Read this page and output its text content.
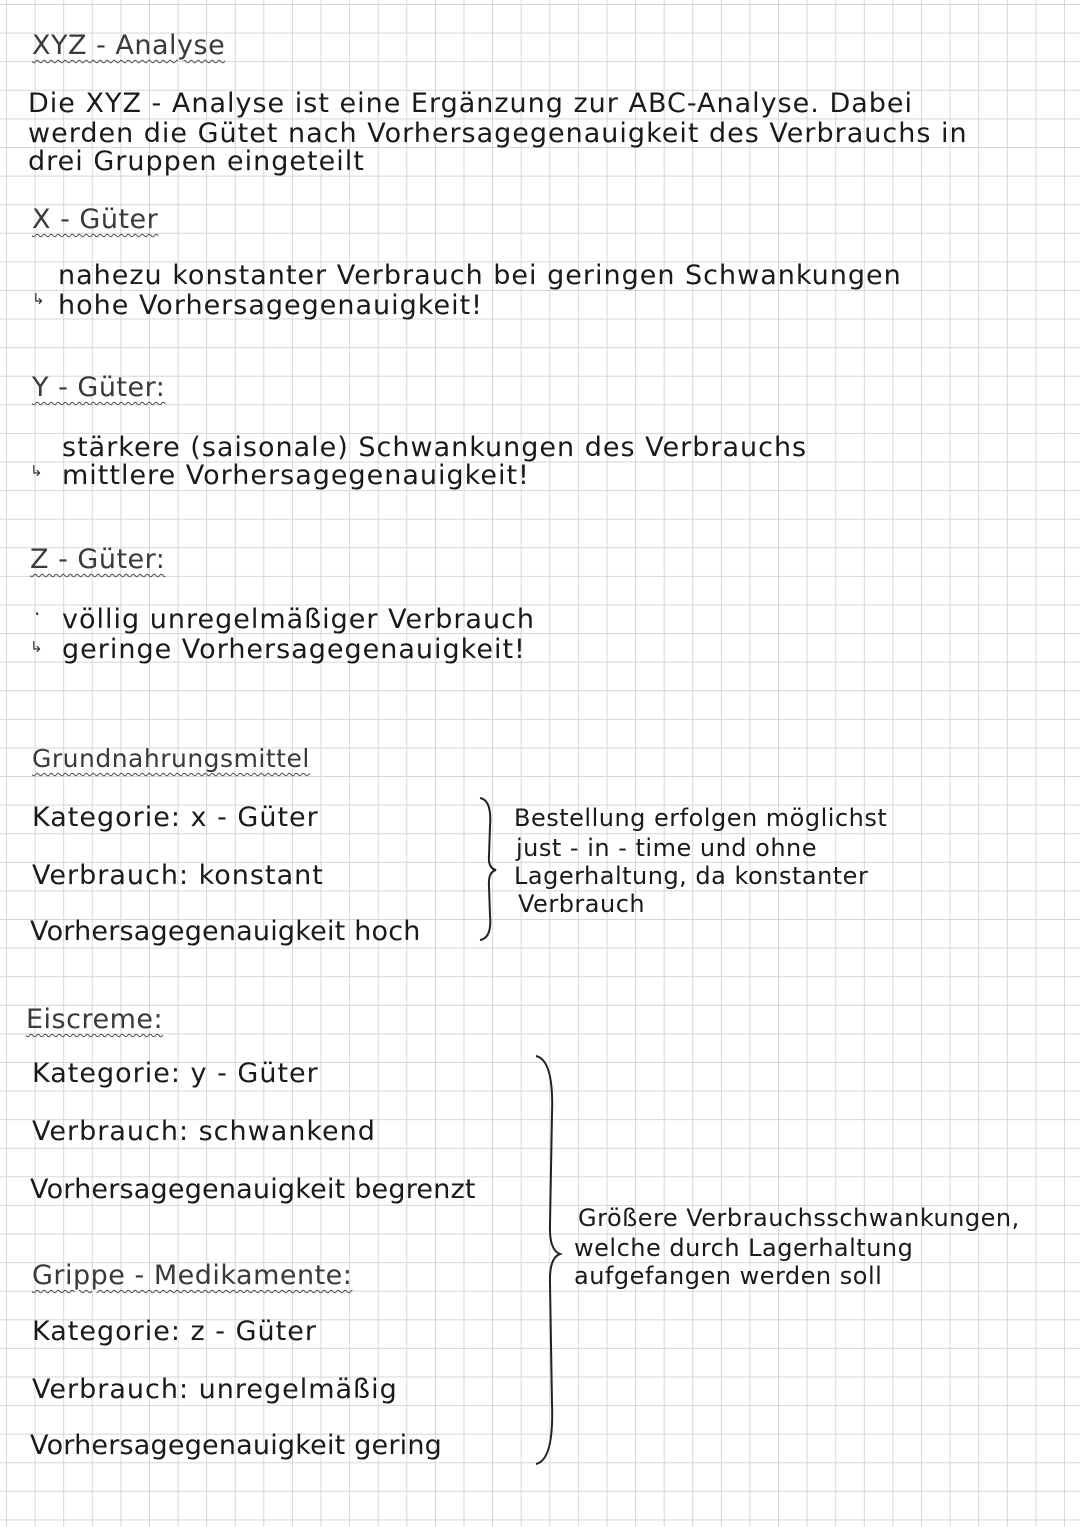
XYZ - Analyse
Die XYZ - Analyse ist eine Ergänzung zur ABC-Analyse. Dabei
werden die Gütet nach Vorhersagegenauigkeit des Verbrauchs in
drei Gruppen eingeteilt
X - Güter
nahezu konstanter Verbrauch bei geringen Schwankungen
↳ hohe Vorhersagegenauigkeit!
Y - Güter:
stärkere (saisonale) Schwankungen des Verbrauchs
↳ mittlere Vorhersagegenauigkeit!
Z - Güter:
· völlig unregelmäßiger Verbrauch
↳ geringe Vorhersagegenauigkeit!
Grundnahrungsmittel
Kategorie: x - Güter
Verbrauch: konstant
Vorhersagegenauigkeit hoch
Bestellung erfolgen möglichst
just - in - time und ohne
Lagerhaltung, da konstanter
Verbrauch
Eiscreme:
Kategorie: y - Güter
Verbrauch: schwankend
Vorhersagegenauigkeit begrenzt
Grippe - Medikamente:
Kategorie: z - Güter
Verbrauch: unregelmäßig
Vorhersagegenauigkeit gering
Größere Verbrauchsschwankungen,
welche durch Lagerhaltung
aufgefangen werden soll
